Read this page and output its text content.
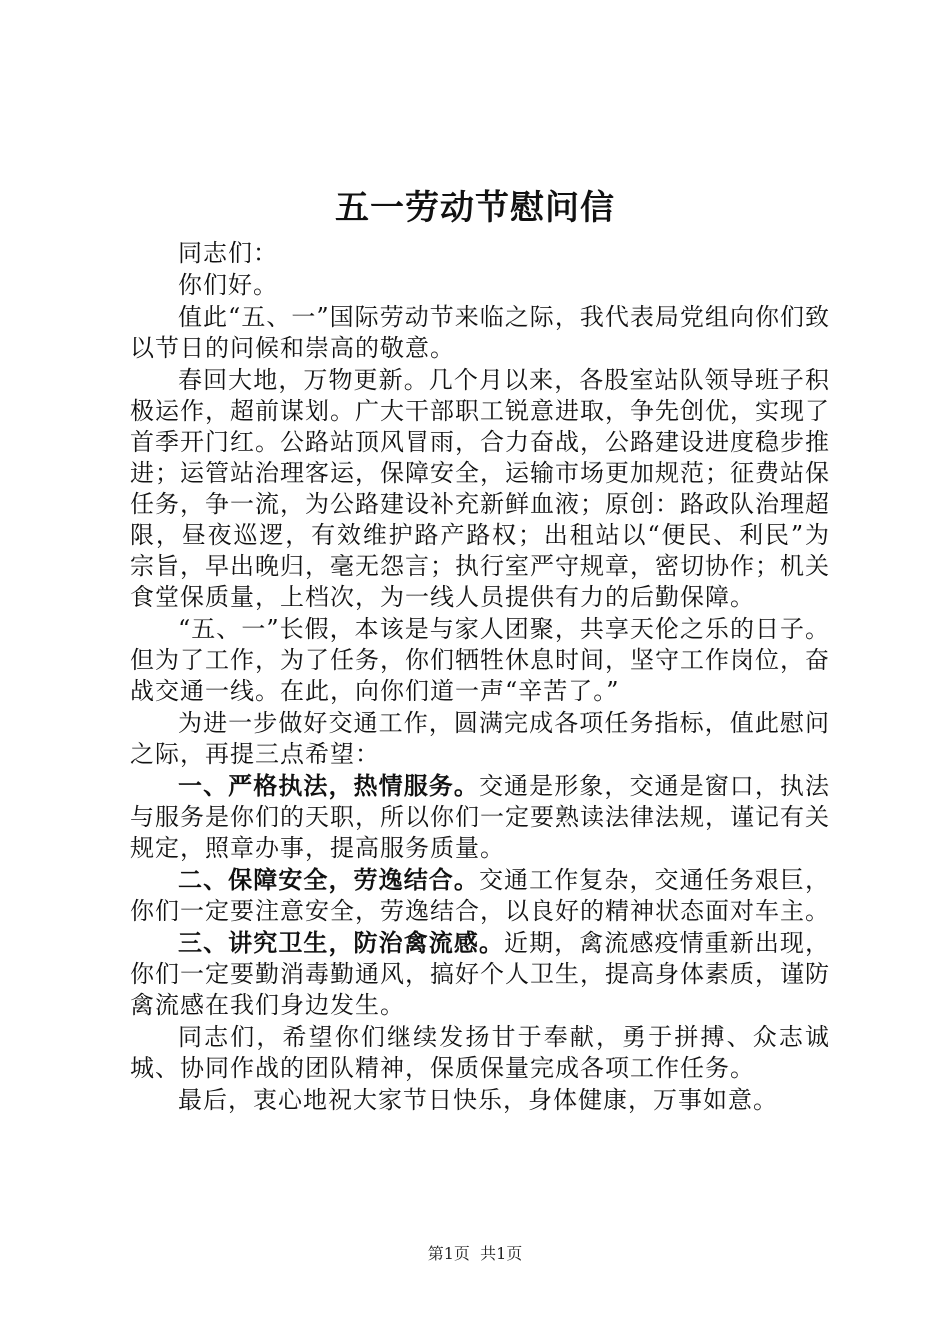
五一劳动节慰问信

同志们：

你们好。

值此“五、一”国际劳动节来临之际，我代表局党组向你们致以节日的问候和崇高的敬意。

春回大地，万物更新。几个月以来，各股室站队领导班子积极运作，超前谋划。广大干部职工锐意进取，争先创优，实现了首季开门红。公路站顶风冒雨，合力奋战，公路建设进度稳步推进；运管站治理客运，保障安全，运输市场更加规范；征费站保任务，争一流，为公路建设补充新鲜血液；原创：路政队治理超限，昼夜巡逻，有效维护路产路权；出租站以“便民、利民”为宗旨，早出晚归，毫无怨言；执行室严守规章，密切协作；机关食堂保质量，上档次，为一线人员提供有力的后勤保障。

“五、一”长假，本该是与家人团聚，共享天伦之乐的日子。但为了工作，为了任务，你们牺牲休息时间，坚守工作岗位，奋战交通一线。在此，向你们道一声“辛苦了。”

为进一步做好交通工作，圆满完成各项任务指标，值此慰问之际，再提三点希望：

一、严格执法，热情服务。交通是形象，交通是窗口，执法与服务是你们的天职，所以你们一定要熟读法律法规，谨记有关规定，照章办事，提高服务质量。

二、保障安全，劳逸结合。交通工作复杂，交通任务艰巨，你们一定要注意安全，劳逸结合，以良好的精神状态面对车主。

三、讲究卫生，防治禽流感。近期，禽流感疫情重新出现，你们一定要勤消毒勤通风，搞好个人卫生，提高身体素质，谨防禽流感在我们身边发生。

同志们，希望你们继续发扬甘于奉献，勇于拼搏、众志诚城、协同作战的团队精神，保质保量完成各项工作任务。

最后，衷心地祝大家节日快乐，身体健康，万事如意。

第1页  共1页
